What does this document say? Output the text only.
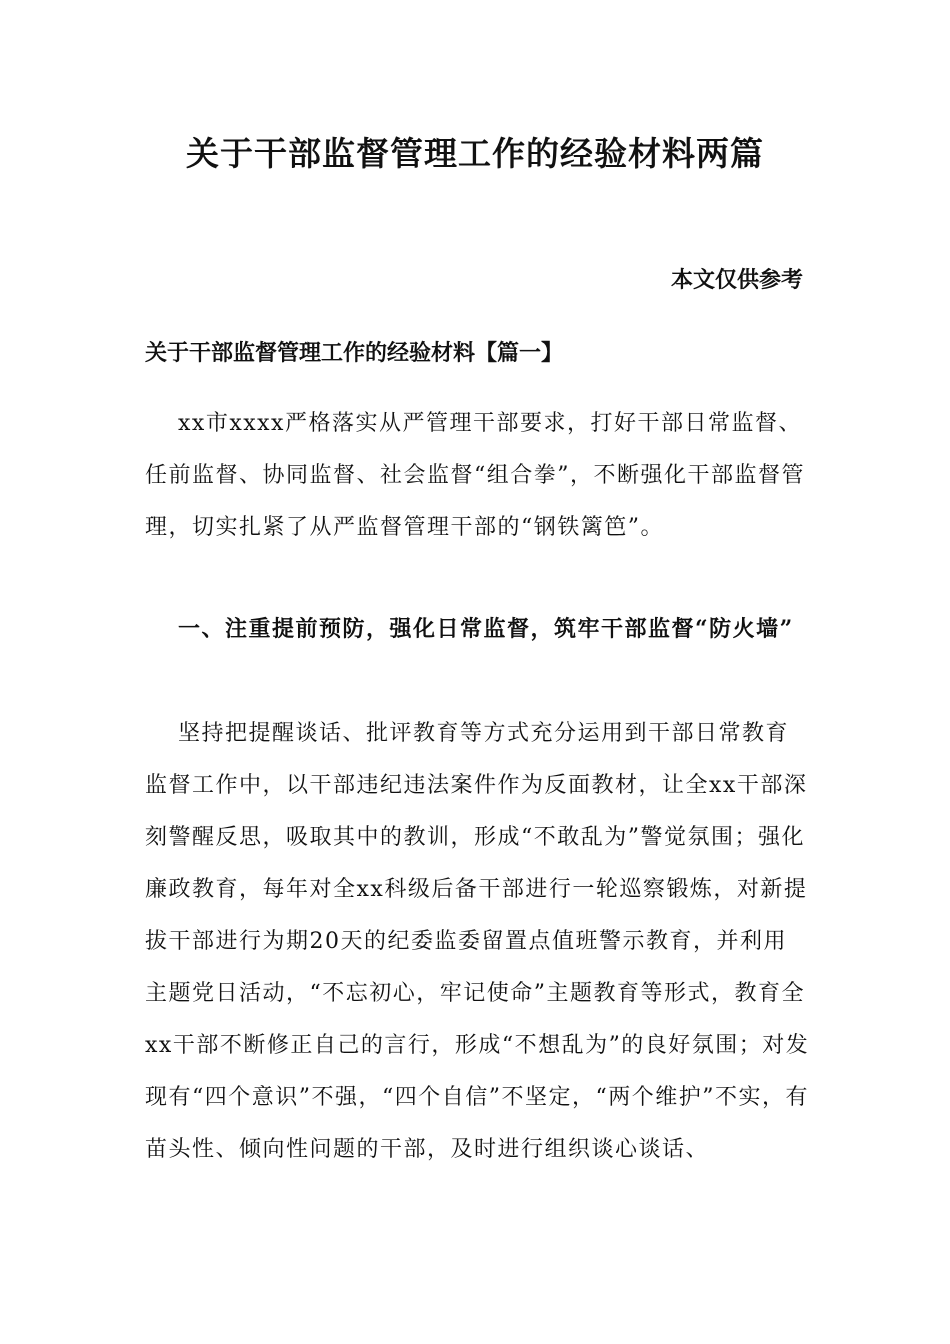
关于干部监督管理工作的经验材料两篇

本文仅供参考

关于干部监督管理工作的经验材料【篇一】

xx市xxxx严格落实从严管理干部要求，打好干部日常监督、任前监督、协同监督、社会监督“组合拳”，不断强化干部监督管理，切实扎紧了从严监督管理干部的“钢铁篱笆”。

一、注重提前预防，强化日常监督，筑牢干部监督“防火墙”

坚持把提醒谈话、批评教育等方式充分运用到干部日常教育监督工作中，以干部违纪违法案件作为反面教材，让全xx干部深刻警醒反思，吸取其中的教训，形成“不敢乱为”警觉氛围；强化廉政教育，每年对全xx科级后备干部进行一轮巡察锻炼，对新提拔干部进行为期20天的纪委监委留置点值班警示教育，并利用主题党日活动，“不忘初心，牢记使命”主题教育等形式，教育全xx干部不断修正自己的言行，形成“不想乱为”的良好氛围；对发现有“四个意识”不强，“四个自信”不坚定，“两个维护”不实，有苗头性、倾向性问题的干部，及时进行组织谈心谈话、
